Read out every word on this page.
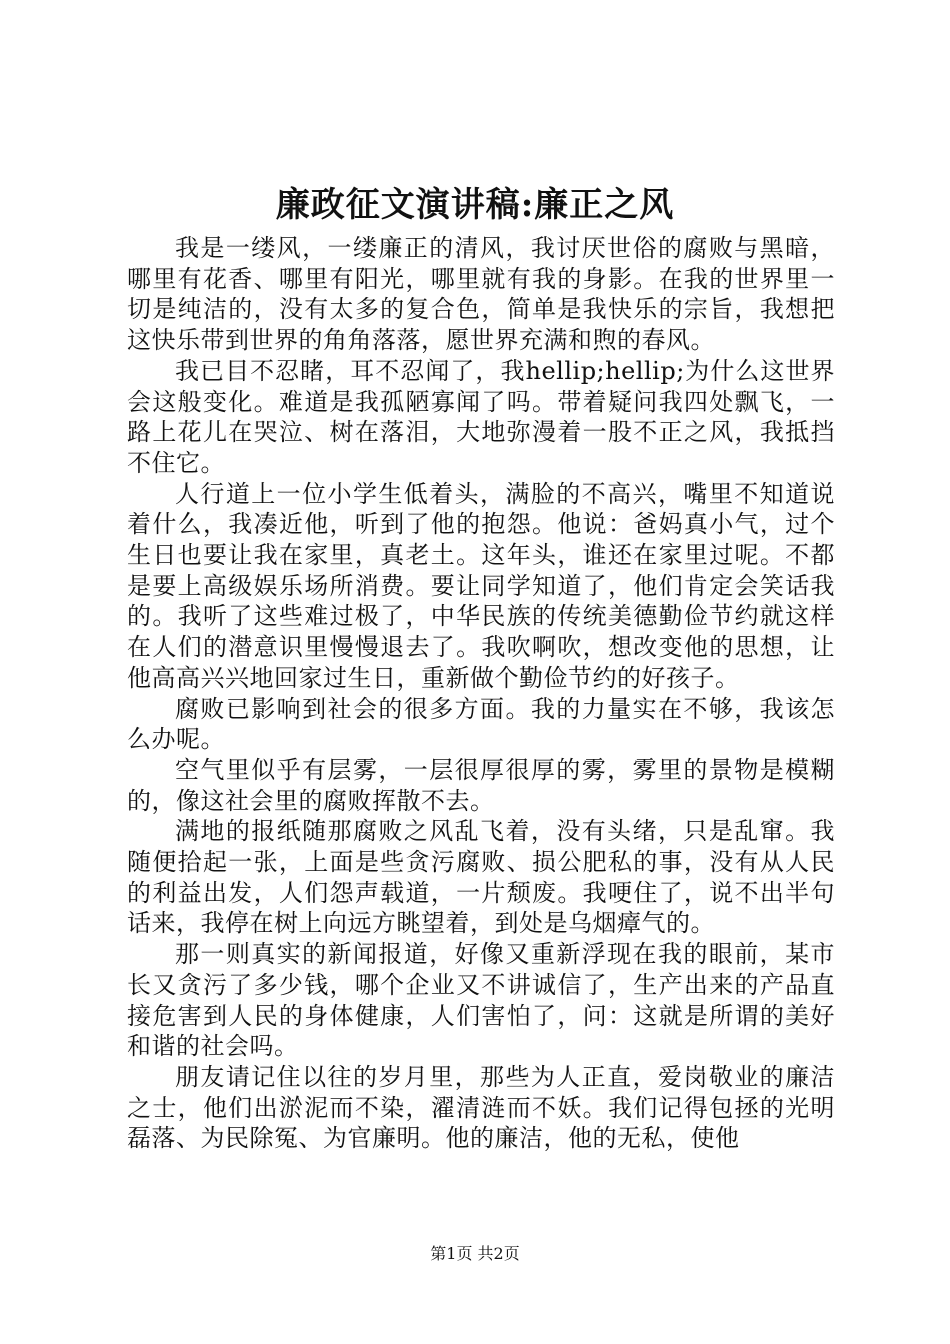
廉政征文演讲稿:廉正之风

我是一缕风，一缕廉正的清风，我讨厌世俗的腐败与黑暗，哪里有花香、哪里有阳光，哪里就有我的身影。在我的世界里一切是纯洁的，没有太多的复合色，简单是我快乐的宗旨，我想把这快乐带到世界的角角落落，愿世界充满和煦的春风。

我已目不忍睹，耳不忍闻了，我hellip;hellip;为什么这世界会这般变化。难道是我孤陋寡闻了吗。带着疑问我四处飘飞，一路上花儿在哭泣、树在落泪，大地弥漫着一股不正之风，我抵挡不住它。

人行道上一位小学生低着头，满脸的不高兴，嘴里不知道说着什么，我凑近他，听到了他的抱怨。他说：爸妈真小气，过个生日也要让我在家里，真老土。这年头，谁还在家里过呢。不都是要上高级娱乐场所消费。要让同学知道了，他们肯定会笑话我的。我听了这些难过极了，中华民族的传统美德勤俭节约就这样在人们的潜意识里慢慢退去了。我吹啊吹，想改变他的思想，让他高高兴兴地回家过生日，重新做个勤俭节约的好孩子。

腐败已影响到社会的很多方面。我的力量实在不够，我该怎么办呢。

空气里似乎有层雾，一层很厚很厚的雾，雾里的景物是模糊的，像这社会里的腐败挥散不去。

满地的报纸随那腐败之风乱飞着，没有头绪，只是乱窜。我随便拾起一张，上面是些贪污腐败、损公肥私的事，没有从人民的利益出发，人们怨声载道，一片颓废。我哽住了，说不出半句话来，我停在树上向远方眺望着，到处是乌烟瘴气的。

那一则真实的新闻报道，好像又重新浮现在我的眼前，某市长又贪污了多少钱，哪个企业又不讲诚信了，生产出来的产品直接危害到人民的身体健康，人们害怕了，问：这就是所谓的美好和谐的社会吗。

朋友请记住以往的岁月里，那些为人正直，爱岗敬业的廉洁之士，他们出淤泥而不染，濯清涟而不妖。我们记得包拯的光明磊落、为民除冤、为官廉明。他的廉洁，他的无私，使他

第1页 共2页
